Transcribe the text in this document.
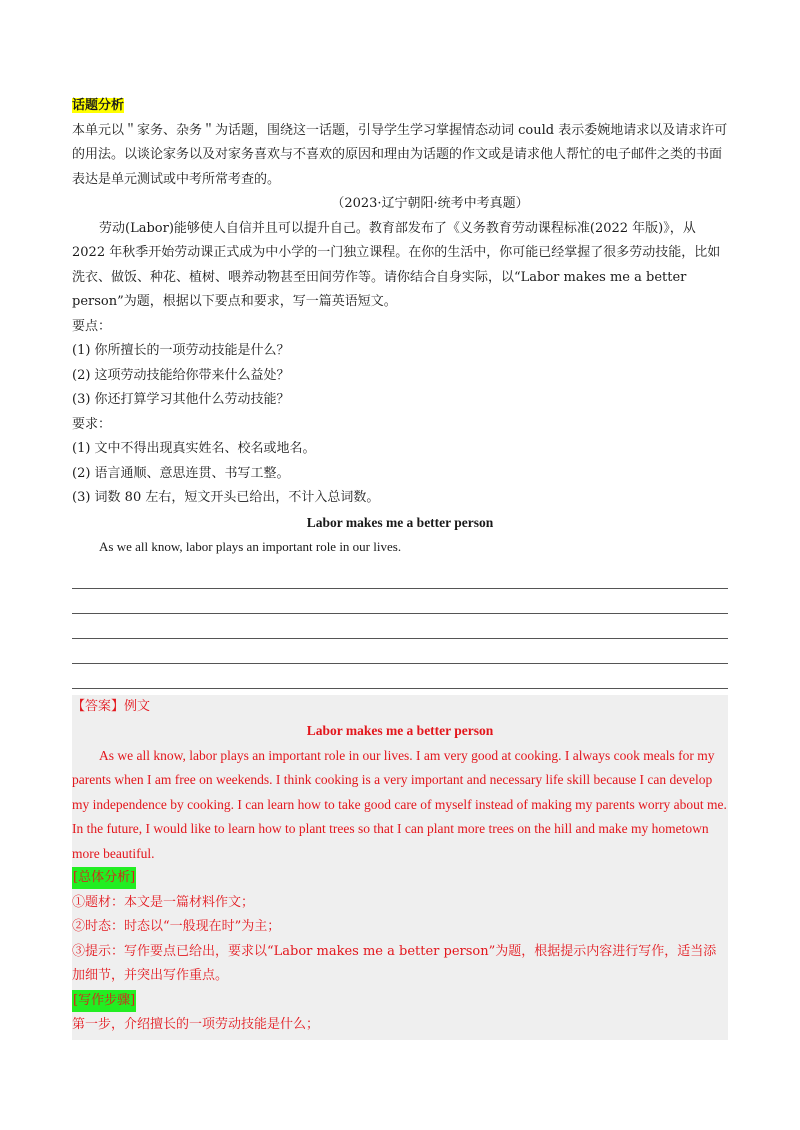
话题分析

本单元以＂家务、杂务＂为话题，围绕这一话题，引导学生学习掌握情态动词 could 表示委婉地请求以及请求许可的用法。以谈论家务以及对家务喜欢与不喜欢的原因和理由为话题的作文或是请求他人帮忙的电子邮件之类的书面表达是单元测试或中考所常考查的。

（2023·辽宁朝阳·统考中考真题）

劳动(Labor)能够使人自信并且可以提升自己。教育部发布了《义务教育劳动课程标准(2022 年版)》，从 2022 年秋季开始劳动课正式成为中小学的一门独立课程。在你的生活中，你可能已经掌握了很多劳动技能，比如洗衣、做饭、种花、植树、喂养动物甚至田间劳作等。请你结合自身实际，以“Labor makes me a better person”为题，根据以下要点和要求，写一篇英语短文。

要点：

(1) 你所擅长的一项劳动技能是什么？

(2) 这项劳动技能给你带来什么益处？

(3) 你还打算学习其他什么劳动技能？

要求：

(1) 文中不得出现真实姓名、校名或地名。

(2) 语言通顺、意思连贯、书写工整。

(3) 词数 80 左右，短文开头已给出，不计入总词数。

Labor makes me a better person

As we all know, labor plays an important role in our lives.

【答案】例文

Labor makes me a better person

As we all know, labor plays an important role in our lives. I am very good at cooking. I always cook meals for my parents when I am free on weekends. I think cooking is a very important and necessary life skill because I can develop my independence by cooking. I can learn how to take good care of myself instead of making my parents worry about me. In the future, I would like to learn how to plant trees so that I can plant more trees on the hill and make my hometown more beautiful.

[总体分析]

①题材：本文是一篇材料作文；

②时态：时态以“一般现在时”为主；

③提示：写作要点已给出，要求以“Labor makes me a better person”为题，根据提示内容进行写作，适当添加细节，并突出写作重点。

[写作步骤]

第一步，介绍擅长的一项劳动技能是什么；
